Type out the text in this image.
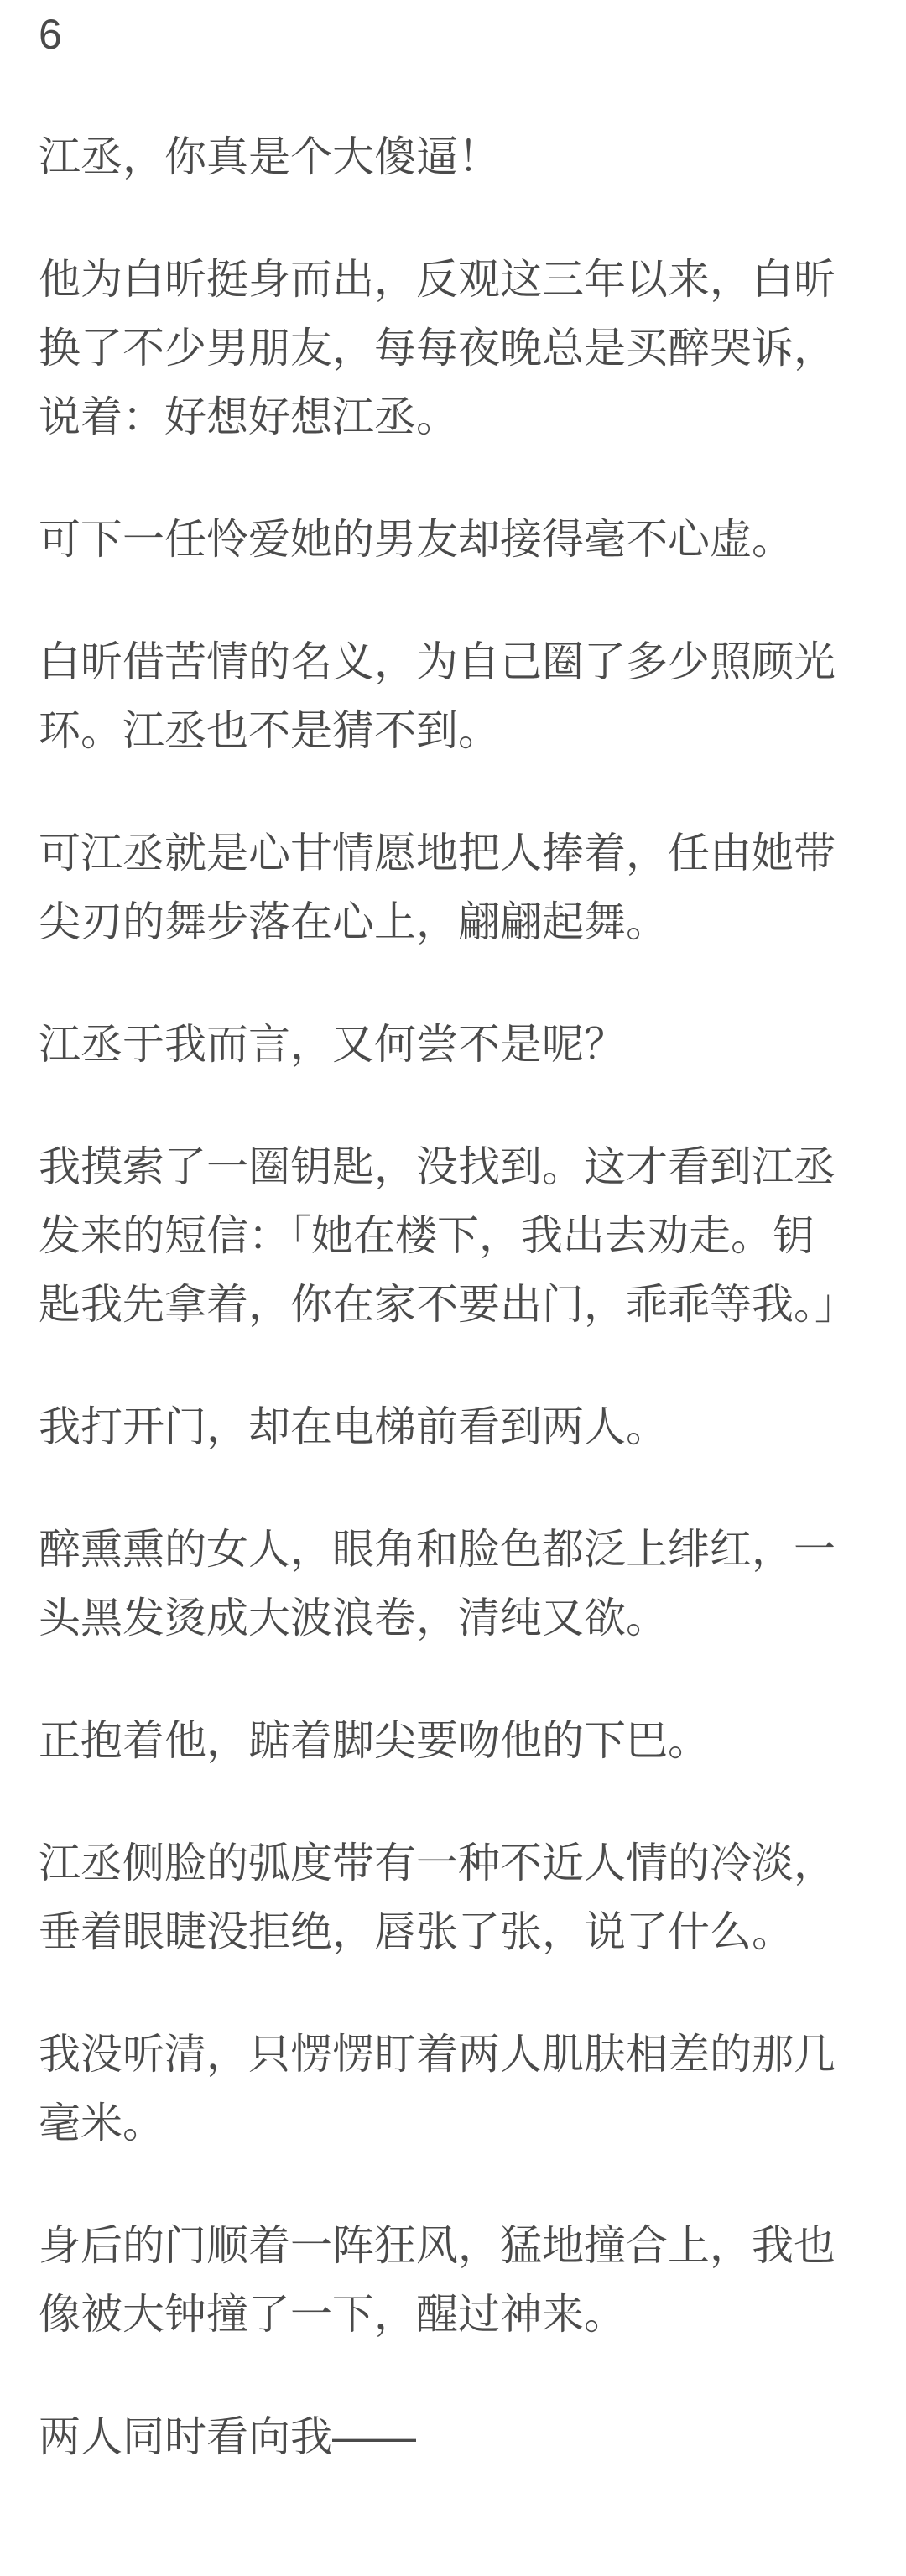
6

江丞，你真是个大傻逼！

他为白昕挺身而出，反观这三年以来，白昕换了不少男朋友，每每夜晚总是买醉哭诉，说着：好想好想江丞。

可下一任怜爱她的男友却接得毫不心虚。

白昕借苦情的名义，为自己圈了多少照顾光环。江丞也不是猜不到。

可江丞就是心甘情愿地把人捧着，任由她带尖刃的舞步落在心上，翩翩起舞。

江丞于我而言，又何尝不是呢？

我摸索了一圈钥匙，没找到。这才看到江丞发来的短信：「她在楼下，我出去劝走。钥匙我先拿着，你在家不要出门，乖乖等我。」

我打开门，却在电梯前看到两人。

醉熏熏的女人，眼角和脸色都泛上绯红，一头黑发烫成大波浪卷，清纯又欲。

正抱着他，踮着脚尖要吻他的下巴。

江丞侧脸的弧度带有一种不近人情的冷淡，垂着眼睫没拒绝，唇张了张，说了什么。

我没听清，只愣愣盯着两人肌肤相差的那几毫米。

身后的门顺着一阵狂风，猛地撞合上，我也像被大钟撞了一下，醒过神来。

两人同时看向我——
